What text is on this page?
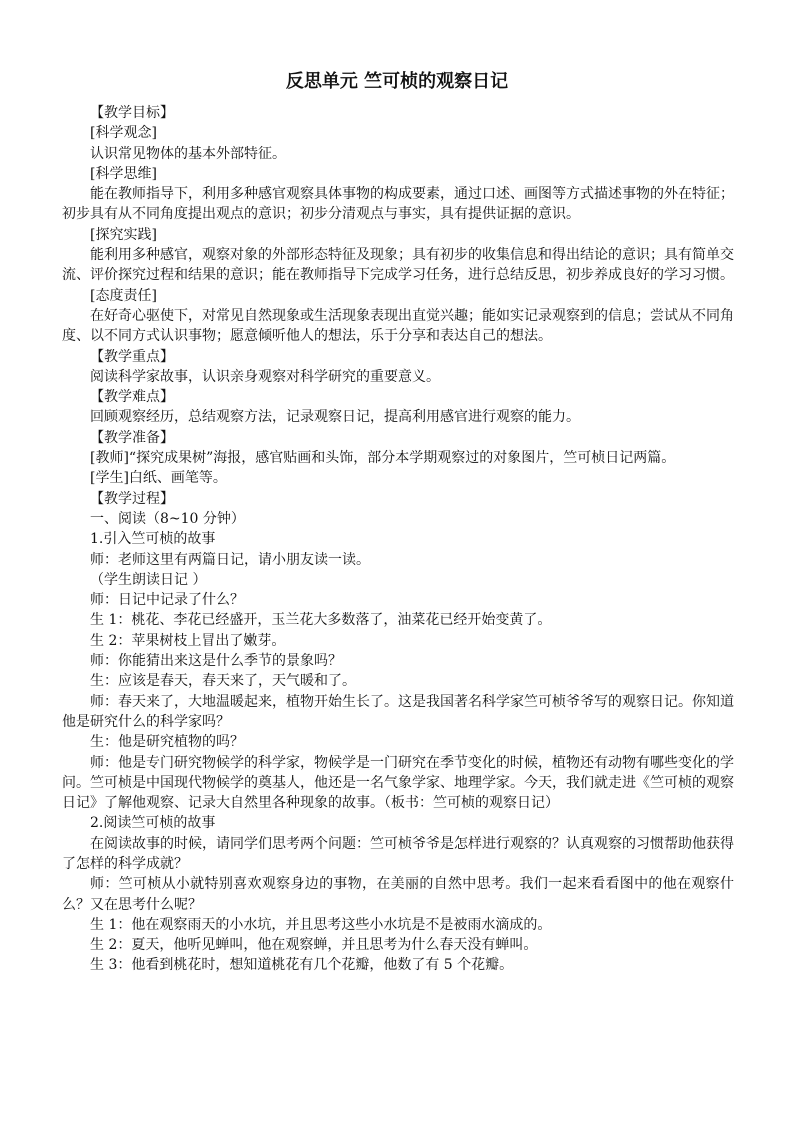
反思单元 竺可桢的观察日记

【教学目标】

[科学观念]

认识常见物体的基本外部特征。

[科学思维]

能在教师指导下，利用多种感官观察具体事物的构成要素，通过口述、画图等方式描述事物的外在特征；初步具有从不同角度提出观点的意识；初步分清观点与事实，具有提供证据的意识。

[探究实践]

能利用多种感官，观察对象的外部形态特征及现象；具有初步的收集信息和得出结论的意识；具有简单交流、评价探究过程和结果的意识；能在教师指导下完成学习任务，进行总结反思，初步养成良好的学习习惯。

[态度责任]

在好奇心驱使下，对常见自然现象或生活现象表现出直觉兴趣；能如实记录观察到的信息；尝试从不同角度、以不同方式认识事物；愿意倾听他人的想法，乐于分享和表达自己的想法。

【教学重点】

阅读科学家故事，认识亲身观察对科学研究的重要意义。

【教学难点】

回顾观察经历，总结观察方法，记录观察日记，提高利用感官进行观察的能力。

【教学准备】

[教师]“探究成果树”海报，感官贴画和头饰，部分本学期观察过的对象图片，竺可桢日记两篇。

[学生]白纸、画笔等。

【教学过程】

一、阅读（8~10 分钟）

1.引入竺可桢的故事

师：老师这里有两篇日记，请小朋友读一读。

（学生朗读日记 ）

师：日记中记录了什么？

生 1：桃花、李花已经盛开，玉兰花大多数落了，油菜花已经开始变黄了。

生 2：苹果树枝上冒出了嫩芽。

师：你能猜出来这是什么季节的景象吗？

生：应该是春天，春天来了，天气暖和了。

师：春天来了，大地温暖起来，植物开始生长了。这是我国著名科学家竺可桢爷爷写的观察日记。你知道他是研究什么的科学家吗？

生：他是研究植物的吗？

师：他是专门研究物候学的科学家，物候学是一门研究在季节变化的时候，植物还有动物有哪些变化的学问。竺可桢是中国现代物候学的奠基人，他还是一名气象学家、地理学家。今天，我们就走进《竺可桢的观察日记》了解他观察、记录大自然里各种现象的故事。（板书：竺可桢的观察日记）

2.阅读竺可桢的故事

在阅读故事的时候，请同学们思考两个问题：竺可桢爷爷是怎样进行观察的？认真观察的习惯帮助他获得了怎样的科学成就？

师：竺可桢从小就特别喜欢观察身边的事物，在美丽的自然中思考。我们一起来看看图中的他在观察什么？又在思考什么呢？

生 1：他在观察雨天的小水坑，并且思考这些小水坑是不是被雨水滴成的。

生 2：夏天，他听见蝉叫，他在观察蝉，并且思考为什么春天没有蝉叫。

生 3：他看到桃花时，想知道桃花有几个花瓣，他数了有 5 个花瓣。
